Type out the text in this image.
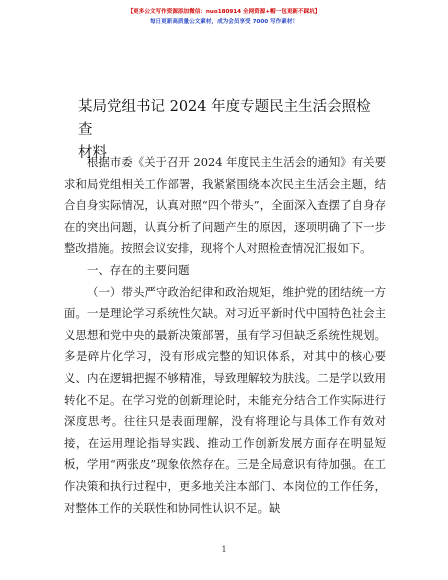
【更多公文写作资源添加微信：nuo180914 全网资源+帽一包更新不踩坑】
每日更新高质量公文素材，成为会员享受 7000 写作素材！
某局党组书记 2024 年度专题民主生活会照检查
材料

根据市委《关于召开 2024 年度民主生活会的通知》有关要求和局党组相关工作部署，我紧紧围绕本次民主生活会主题，结合自身实际情况，认真对照“四个带头”，全面深入查摆了自身存在的突出问题，认真分析了问题产生的原因，逐项明确了下一步整改措施。按照会议安排，现将个人对照检查情况汇报如下。

一、存在的主要问题

（一）带头严守政治纪律和政治规矩，维护党的团结统一方面。一是理论学习系统性欠缺。对习近平新时代中国特色社会主义思想和党中央的最新决策部署，虽有学习但缺乏系统性规划。多是碎片化学习，没有形成完整的知识体系，对其中的核心要义、内在逻辑把握不够精准，导致理解较为肤浅。二是学以致用转化不足。在学习党的创新理论时，未能充分结合工作实际进行深度思考。往往只是表面理解，没有将理论与具体工作有效对接，在运用理论指导实践、推动工作创新发展方面存在明显短板，学用“两张皮”现象依然存在。三是全局意识有待加强。在工作决策和执行过程中，更多地关注本部门、本岗位的工作任务，对整体工作的关联性和协同性认识不足。缺

1
